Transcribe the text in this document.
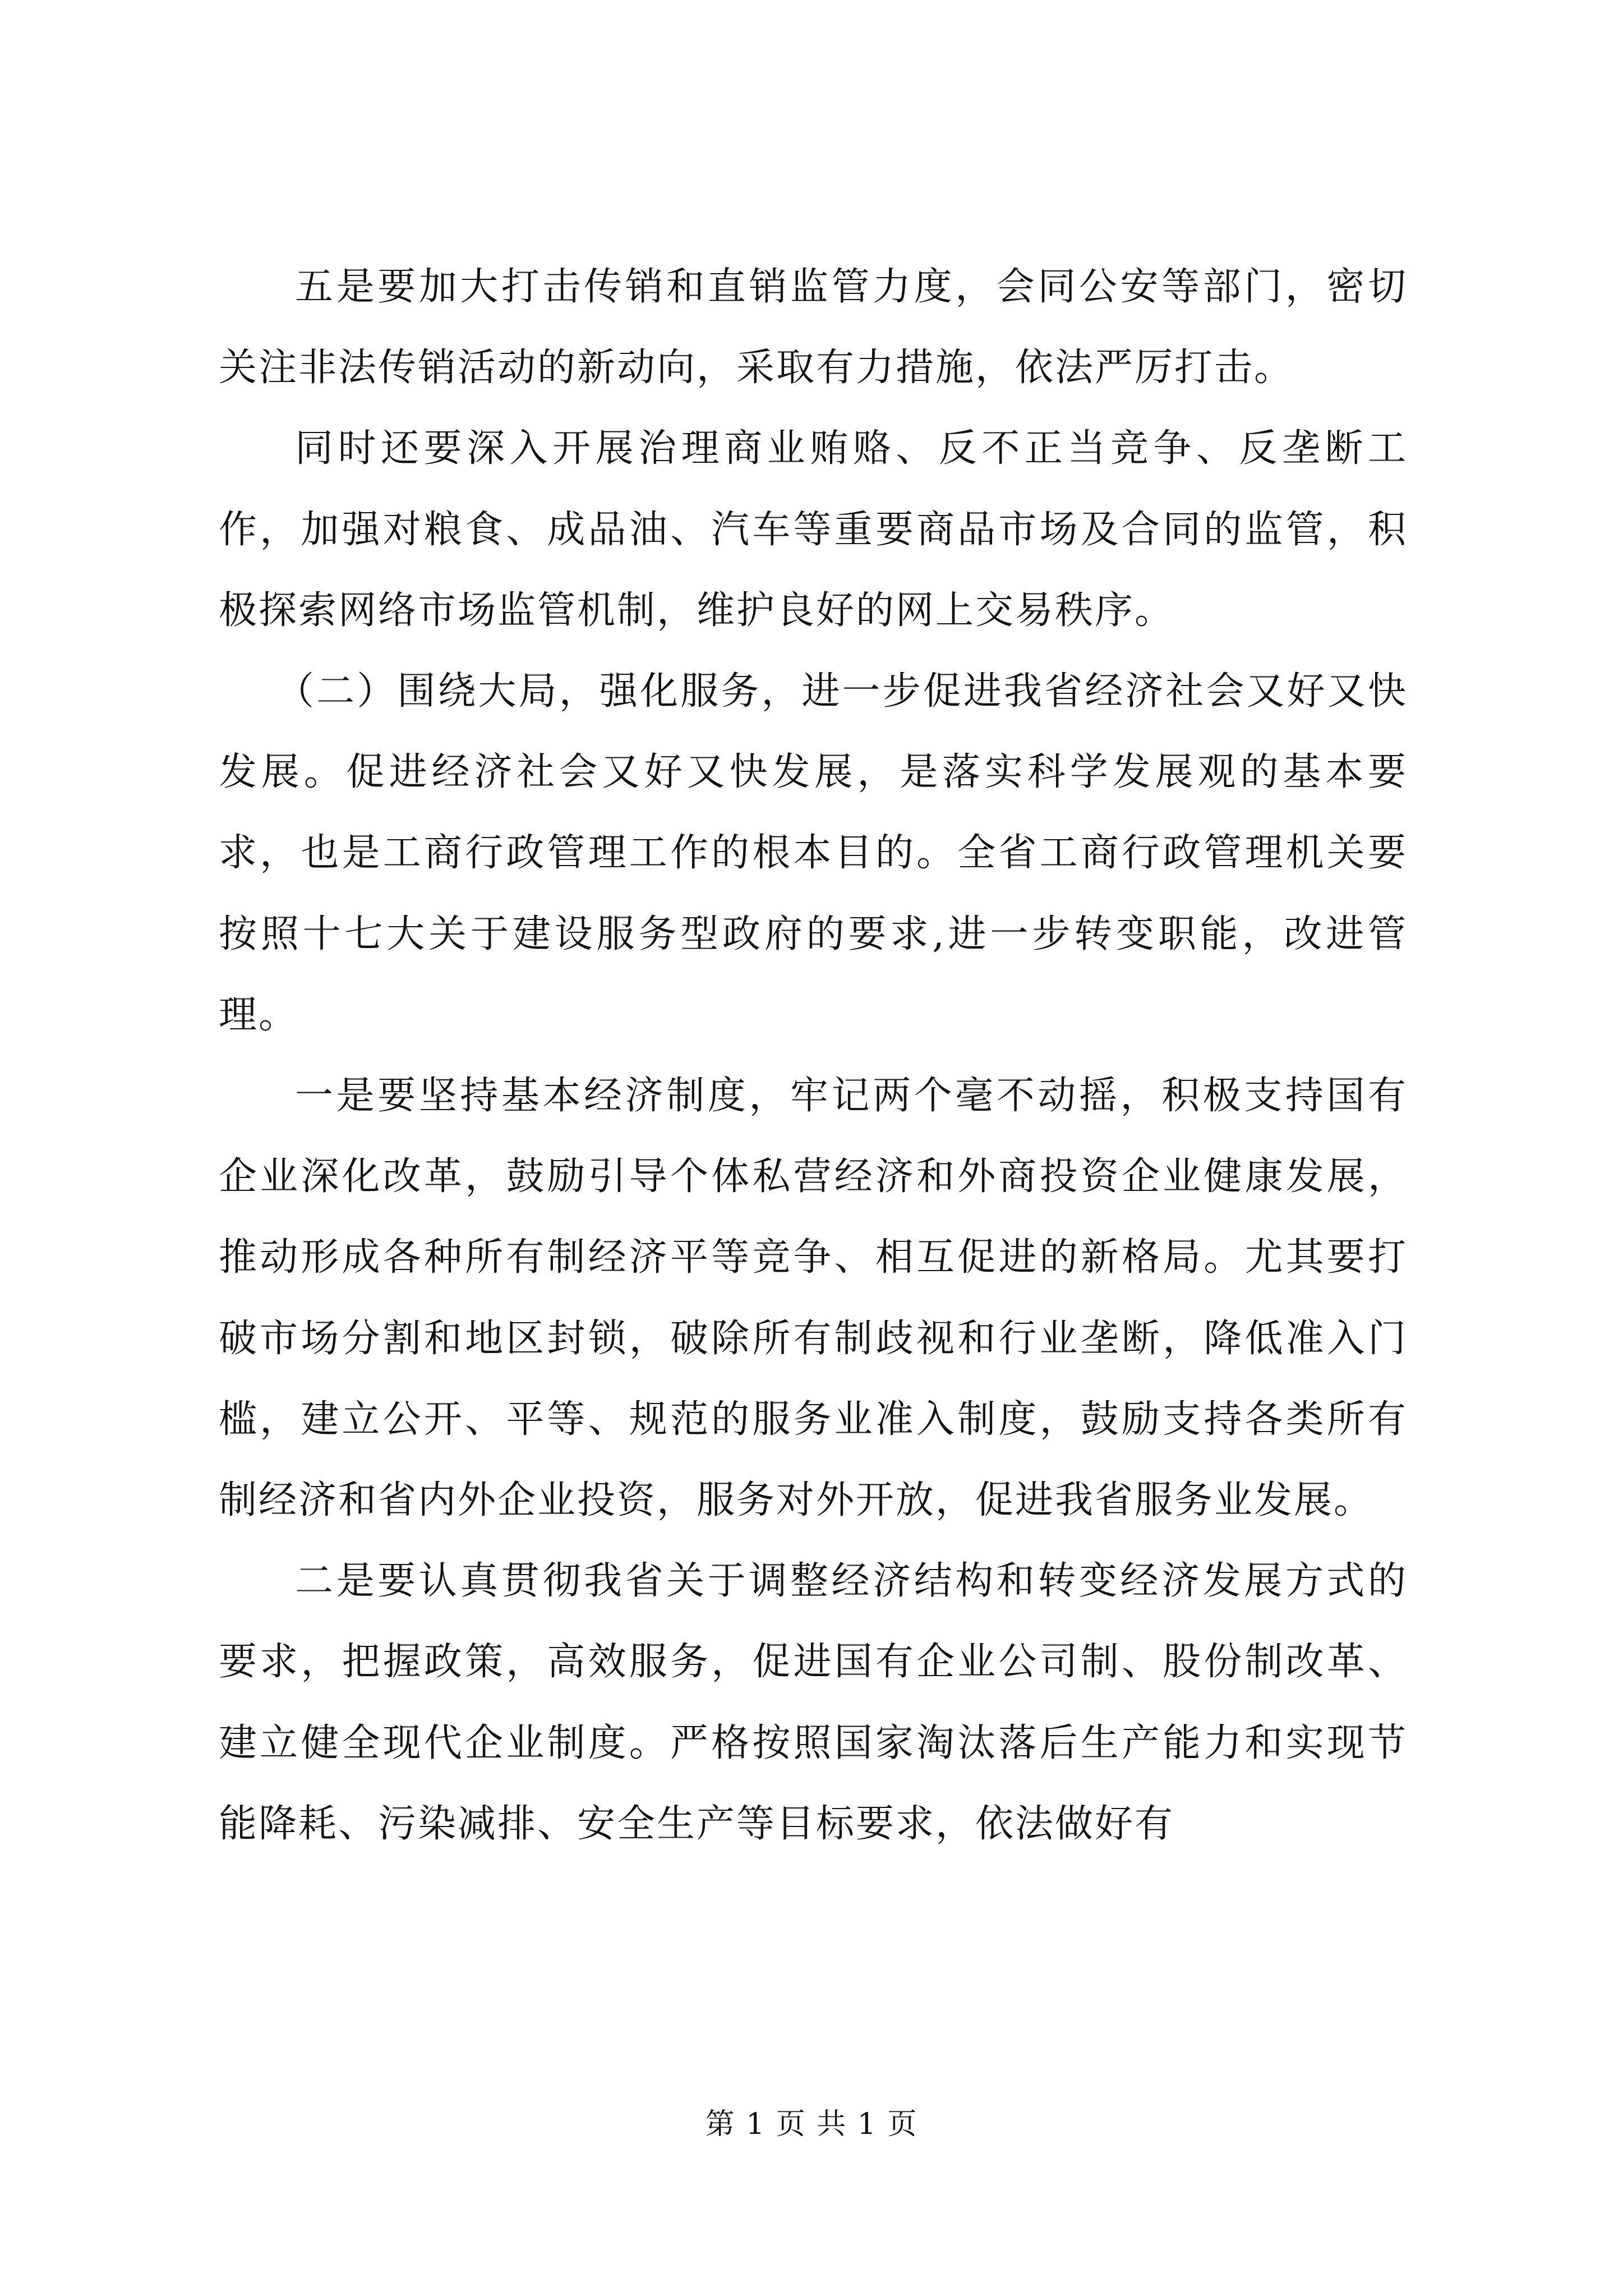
五是要加大打击传销和直销监管力度，会同公安等部门，密切关注非法传销活动的新动向，采取有力措施，依法严厉打击。

同时还要深入开展治理商业贿赂、反不正当竞争、反垄断工作，加强对粮食、成品油、汽车等重要商品市场及合同的监管，积极探索网络市场监管机制，维护良好的网上交易秩序。

（二）围绕大局，强化服务，进一步促进我省经济社会又好又快发展。促进经济社会又好又快发展，是落实科学发展观的基本要求，也是工商行政管理工作的根本目的。全省工商行政管理机关要按照十七大关于建设服务型政府的要求,进一步转变职能，改进管理。

一是要坚持基本经济制度，牢记两个毫不动摇，积极支持国有企业深化改革，鼓励引导个体私营经济和外商投资企业健康发展，推动形成各种所有制经济平等竞争、相互促进的新格局。尤其要打破市场分割和地区封锁，破除所有制歧视和行业垄断，降低准入门槛，建立公开、平等、规范的服务业准入制度，鼓励支持各类所有制经济和省内外企业投资，服务对外开放，促进我省服务业发展。

二是要认真贯彻我省关于调整经济结构和转变经济发展方式的要求，把握政策，高效服务，促进国有企业公司制、股份制改革、建立健全现代企业制度。严格按照国家淘汰落后生产能力和实现节能降耗、污染减排、安全生产等目标要求，依法做好有

第 1 页 共 1 页
